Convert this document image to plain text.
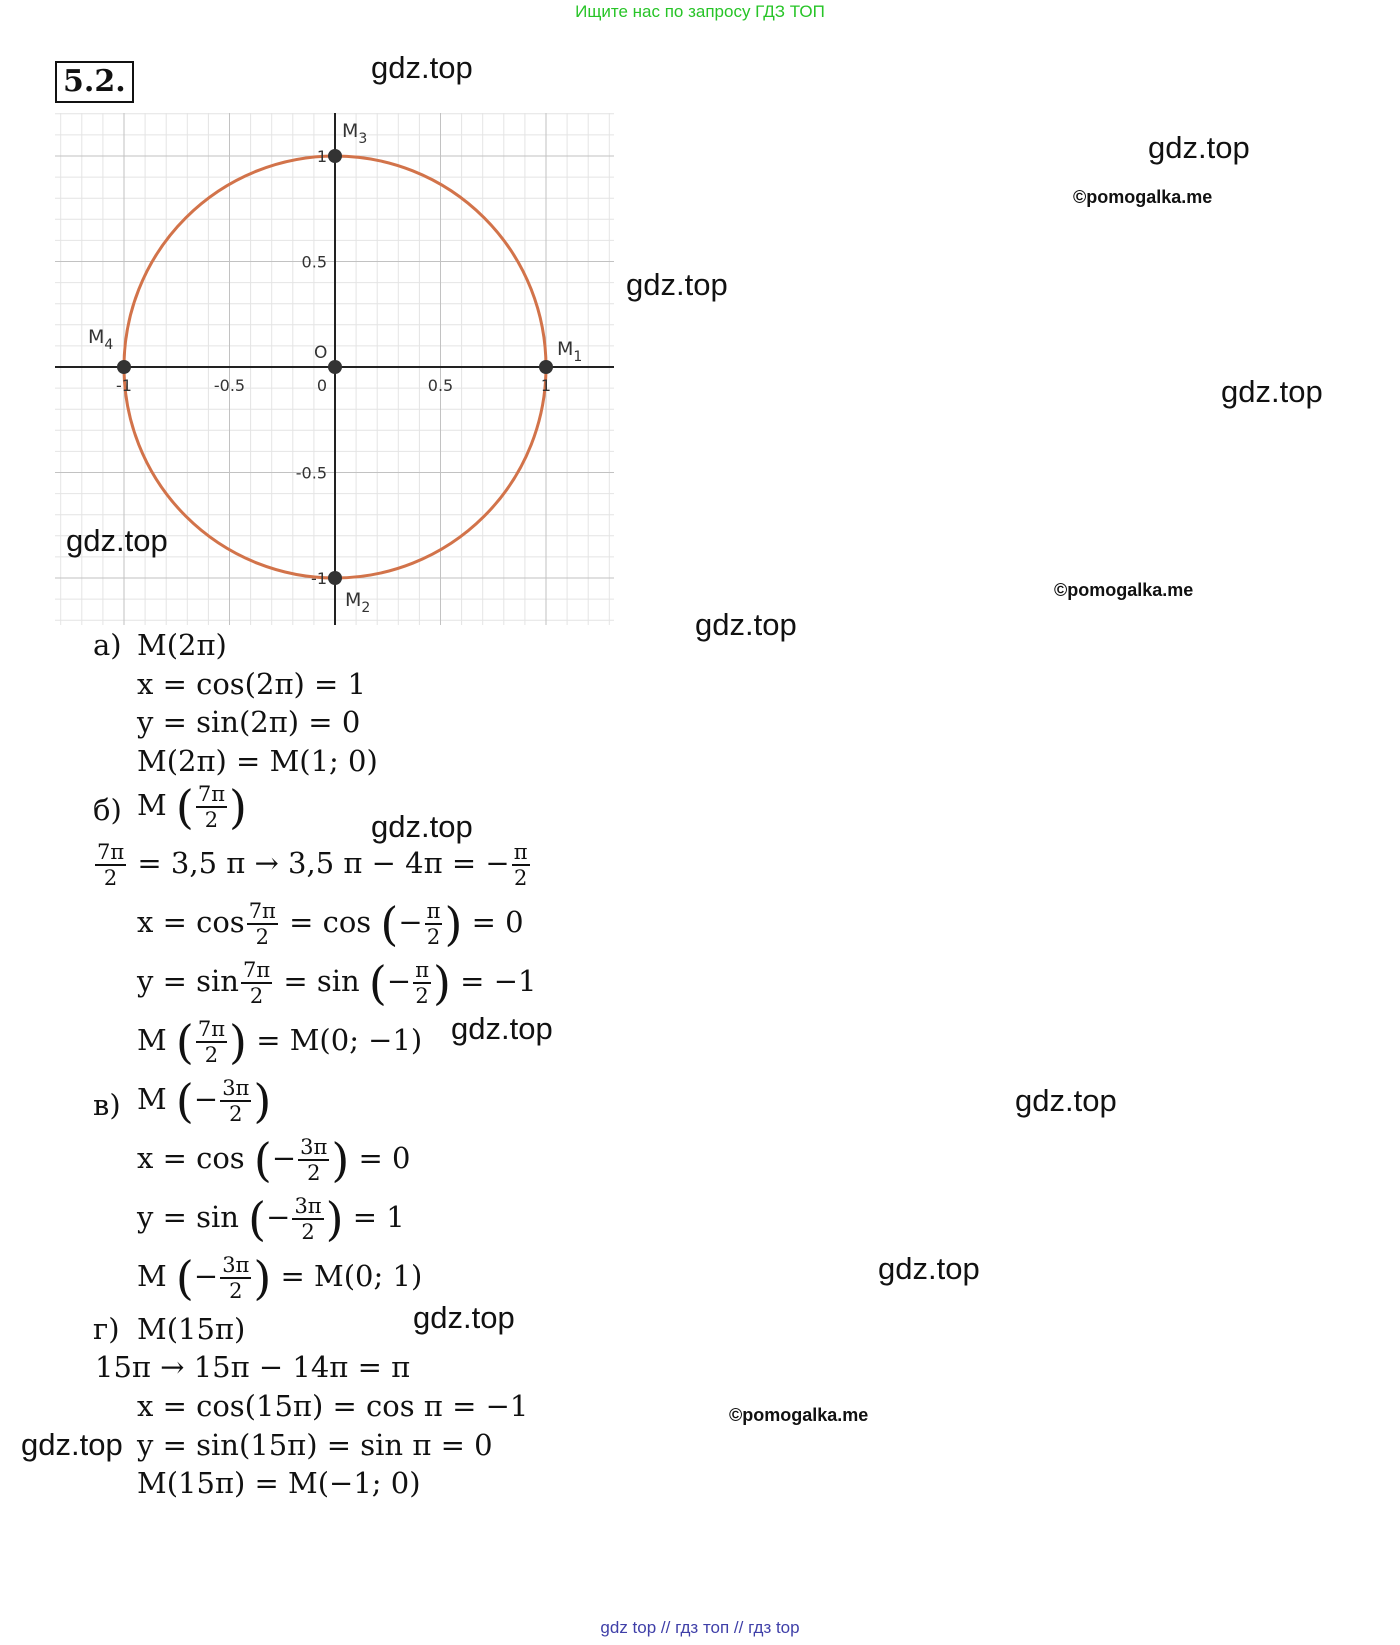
Ищите нас по запросу ГДЗ ТОП
5.2.
-1	-0.5	0	0.5	1
1
0.5
-0.5
-1
O	$M_1$
$M_2$
$M_3$
$M_4$
gdz.top
gdz.top
gdz.top
gdz.top
gdz.top
gdz.top
gdz.top
gdz.top
gdz.top
gdz.top
gdz.top
gdz.top
©pomogalka.me
©pomogalka.me
©pomogalka.me
а) M(2π)
x = cos(2π) = 1
y = sin(2π) = 0
M(2π) = M(1; 0)
б) M ( $\frac{7\pi}{2}$ )
$\frac{7\pi}{2} = 3,5$ π → 3,5 π − 4π = − $\frac{\pi}{2}$
$x = \cos \frac{7\pi}{2} = \cos$ (− $\frac{\pi}{2}$ ) = 0
$y = \sin \frac{7\pi}{2} = \sin$ (− $\frac{\pi}{2}$ ) = −1
M ( $\frac{7\pi}{2}$ ) = M(0; −1)
в) M (− $\frac{3\pi}{2}$ )
x = cos (− $\frac{3\pi}{2}$ ) = 0
y = sin (− $\frac{3\pi}{2}$ ) = 1
M (− $\frac{3\pi}{2}$ ) = M(0; 1)
г) M(15π)
15π → 15π − 14π = π
x = cos(15π) = cos π = −1
y = sin(15π) = sin π = 0
M(15π) = M(−1; 0)
gdz top // гдз топ // гдз top
